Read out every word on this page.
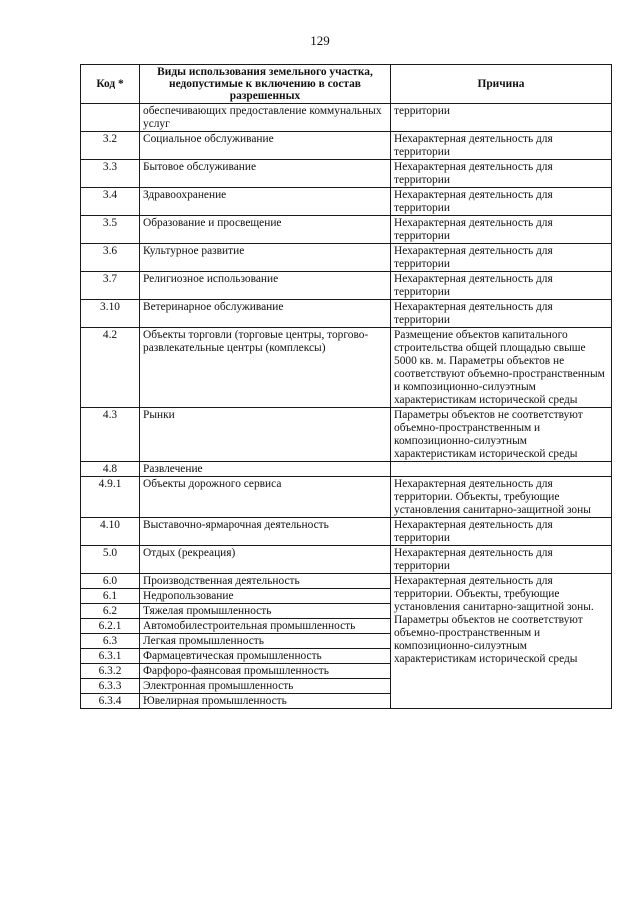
129
Код *	Виды использования земельного участка, недопустимые к включению в состав разрешенных	Причина
	обеспечивающих предоставление коммунальных услуг	территории
3.2	Социальное обслуживание	Нехарактерная деятельность для территории
3.3	Бытовое обслуживание	Нехарактерная деятельность для территории
3.4	Здравоохранение	Нехарактерная деятельность для территории
3.5	Образование и просвещение	Нехарактерная деятельность для территории
3.6	Культурное развитие	Нехарактерная деятельность для территории
3.7	Религиозное использование	Нехарактерная деятельность для территории
3.10	Ветеринарное обслуживание	Нехарактерная деятельность для территории
4.2	Объекты торговли (торговые центры, торгово-развлекательные центры (комплексы)	Размещение объектов капитального строительства общей площадью свыше 5000 кв. м. Параметры объектов не соответствуют объемно-пространственным и композиционно-силуэтным характеристикам исторической среды
4.3	Рынки	Параметры объектов не соответствуют объемно-пространственным и композиционно-силуэтным характеристикам исторической среды
4.8	Развлечение	
4.9.1	Объекты дорожного сервиса	Нехарактерная деятельность для территории. Объекты, требующие установления санитарно-защитной зоны
4.10	Выставочно-ярмарочная деятельность	Нехарактерная деятельность для территории
5.0	Отдых (рекреация)	Нехарактерная деятельность для территории
6.0	Производственная деятельность	Нехарактерная деятельность для территории. Объекты, требующие установления санитарно-защитной зоны. Параметры объектов не соответствуют объемно-пространственным и композиционно-силуэтным характеристикам исторической среды
6.1	Недропользование	
6.2	Тяжелая промышленность	
6.2.1	Автомобилестроительная промышленность	
6.3	Легкая промышленность	
6.3.1	Фармацевтическая промышленность	
6.3.2	Фарфоро-фаянсовая промышленность	
6.3.3	Электронная промышленность	
6.3.4	Ювелирная промышленность	
